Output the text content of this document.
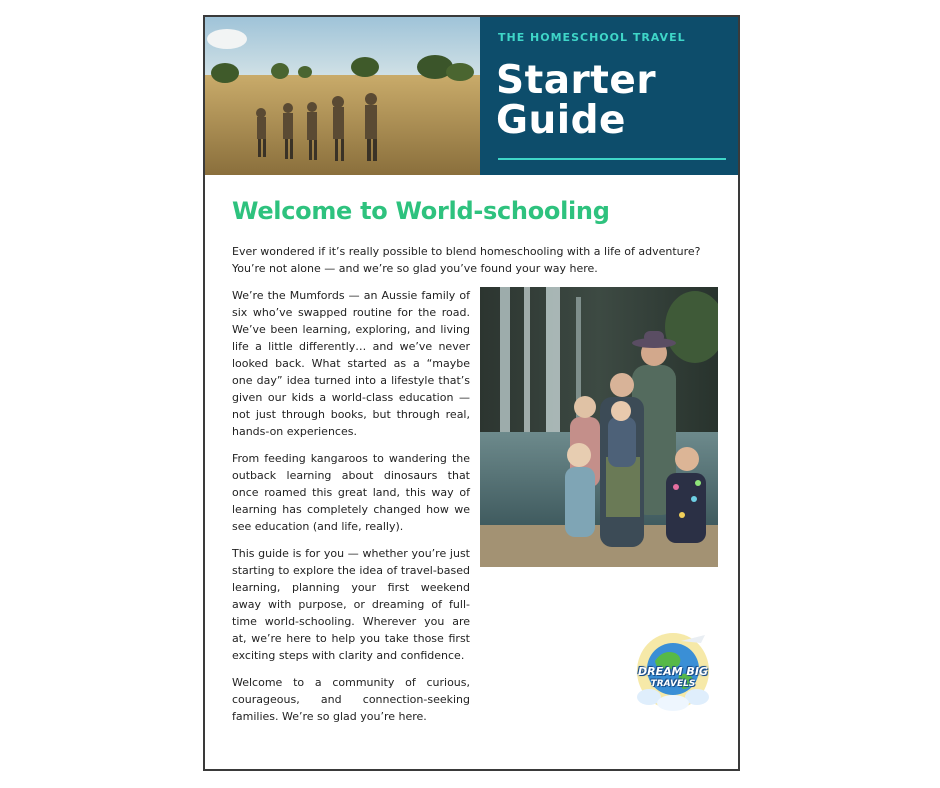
THE HOMESCHOOL TRAVEL
Starter
Guide
Welcome to World-schooling

Ever wondered if it’s really possible to blend homeschooling with a life of adventure? You’re not alone — and we’re so glad you’ve found your way here.

We’re the Mumfords — an Aussie family of six who’ve swapped routine for the road. We’ve been learning, exploring, and living life a little differently… and we’ve never looked back. What started as a “maybe one day” idea turned into a lifestyle that’s given our kids a world-class education — not just through books, but through real, hands-on experiences.

From feeding kangaroos to wandering the outback learning about dinosaurs that once roamed this great land, this way of learning has completely changed how we see education (and life, really).

This guide is for you — whether you’re just starting to explore the idea of travel-based learning, planning your first weekend away with purpose, or dreaming of full-time world-schooling. Wherever you are at, we’re here to help you take those first exciting steps with clarity and confidence.

Welcome to a community of curious, courageous, and connection-seeking families. We’re so glad you’re here.

DREAM BIG
TRAVELS
